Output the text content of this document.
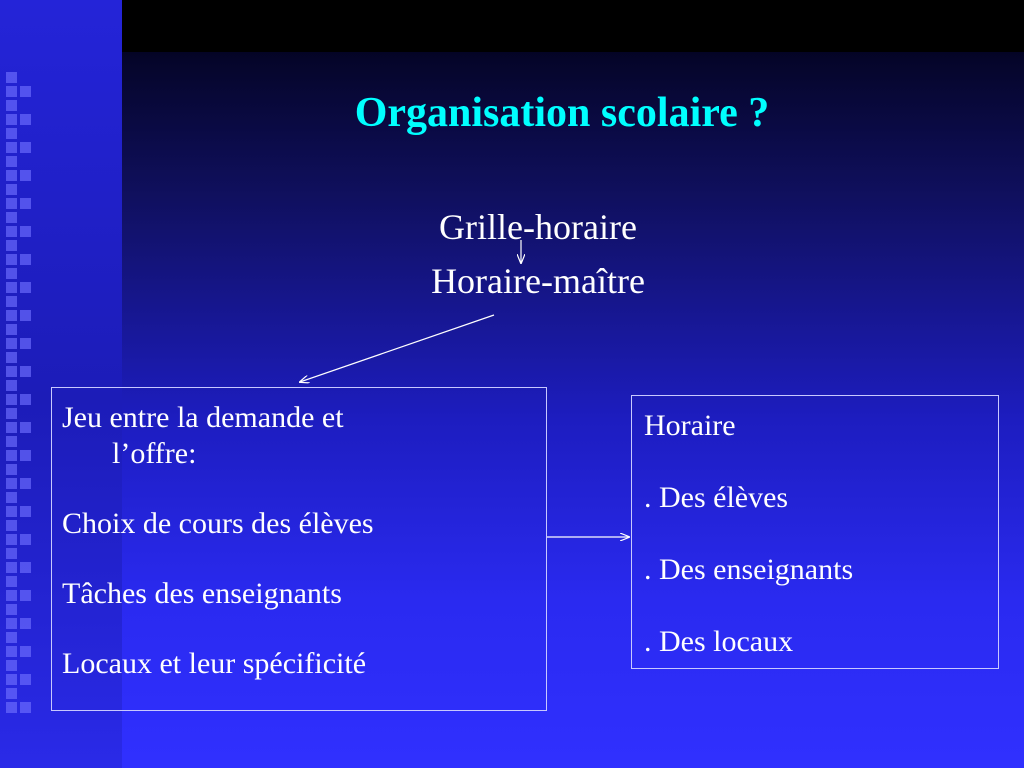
Organisation scolaire ?
Grille-horaire
Horaire-maître

Jeu entre la demande et

l’offre:

Choix de cours des élèves

Tâches des enseignants

Locaux et leur spécificité

Horaire

. Des élèves

. Des enseignants

. Des locaux
